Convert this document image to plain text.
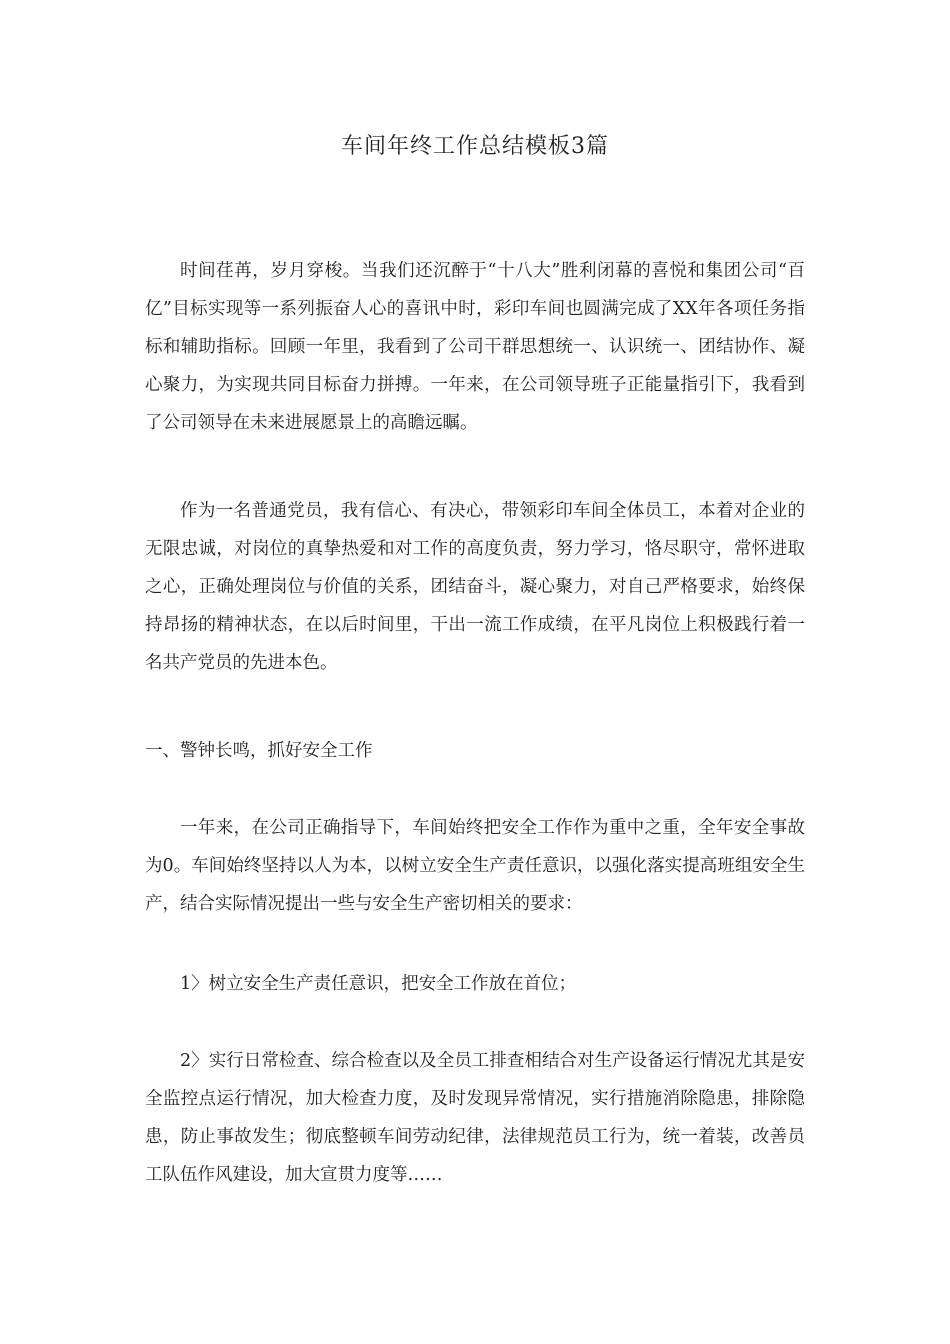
车间年终工作总结模板3篇

时间荏苒，岁月穿梭。当我们还沉醉于“十八大”胜利闭幕的喜悦和集团公司“百亿”目标实现等一系列振奋人心的喜讯中时，彩印车间也圆满完成了XX年各项任务指标和辅助指标。回顾一年里，我看到了公司干群思想统一、认识统一、团结协作、凝心聚力，为实现共同目标奋力拼搏。一年来，在公司领导班子正能量指引下，我看到了公司领导在未来进展愿景上的高瞻远瞩。

作为一名普通党员，我有信心、有决心，带领彩印车间全体员工，本着对企业的无限忠诚，对岗位的真挚热爱和对工作的高度负责，努力学习，恪尽职守，常怀进取之心，正确处理岗位与价值的关系，团结奋斗，凝心聚力，对自己严格要求，始终保持昂扬的精神状态，在以后时间里，干出一流工作成绩，在平凡岗位上积极践行着一名共产党员的先进本色。

一、警钟长鸣，抓好安全工作

一年来，在公司正确指导下，车间始终把安全工作作为重中之重，全年安全事故为0。车间始终坚持以人为本，以树立安全生产责任意识，以强化落实提高班组安全生产，结合实际情况提出一些与安全生产密切相关的要求：

1〉树立安全生产责任意识，把安全工作放在首位；

2〉实行日常检查、综合检查以及全员工排查相结合对生产设备运行情况尤其是安全监控点运行情况，加大检查力度，及时发现异常情况，实行措施消除隐患，排除隐患，防止事故发生；彻底整顿车间劳动纪律，法律规范员工行为，统一着装，改善员工队伍作风建设，加大宣贯力度等……
